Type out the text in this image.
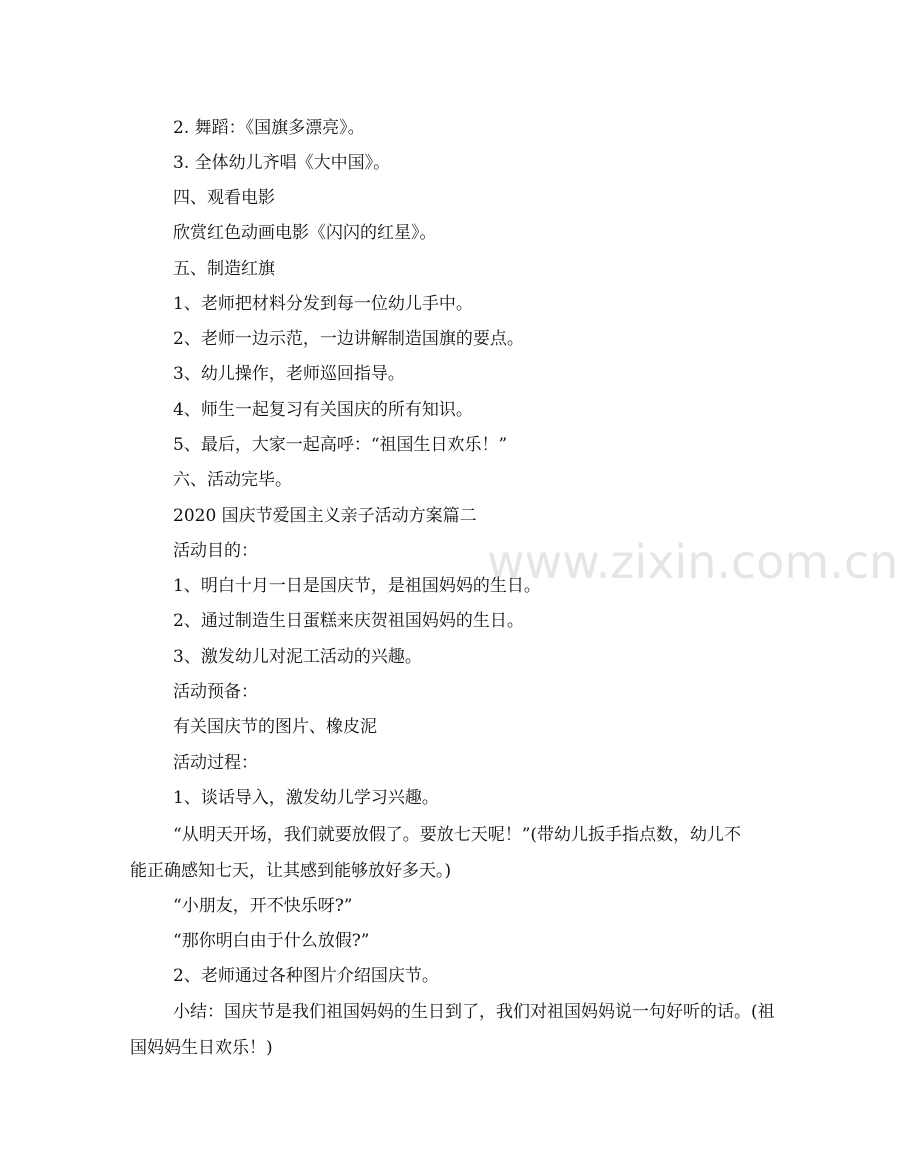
2. 舞蹈：《国旗多漂亮》。
3. 全体幼儿齐唱《大中国》。
四、观看电影
欣赏红色动画电影《闪闪的红星》。
五、制造红旗
1、老师把材料分发到每一位幼儿手中。
2、老师一边示范，一边讲解制造国旗的要点。
3、幼儿操作，老师巡回指导。
4、师生一起复习有关国庆的所有知识。
5、最后，大家一起高呼：“祖国生日欢乐！”
六、活动完毕。
2020 国庆节爱国主义亲子活动方案篇二
活动目的：
1、明白十月一日是国庆节，是祖国妈妈的生日。
2、通过制造生日蛋糕来庆贺祖国妈妈的生日。
3、激发幼儿对泥工活动的兴趣。
活动预备：
有关国庆节的图片、橡皮泥
活动过程：
1、谈话导入，激发幼儿学习兴趣。
“从明天开场，我们就要放假了。要放七天呢！”(带幼儿扳手指点数，幼儿不
能正确感知七天，让其感到能够放好多天。)
“小朋友，开不快乐呀?”
“那你明白由于什么放假?”
2、老师通过各种图片介绍国庆节。
小结：国庆节是我们祖国妈妈的生日到了，我们对祖国妈妈说一句好听的话。(祖
国妈妈生日欢乐！)
www.zixin.com.cn
